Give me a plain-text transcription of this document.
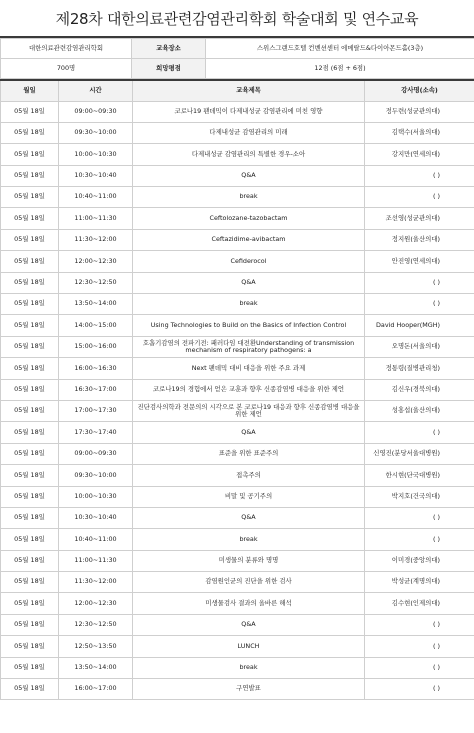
제28차 대한의료관련감염관리학회 학술대회 및 연수교육
대한의료관련감염관리학회	교육장소	스위스그랜드호텔 컨벤션센터 에메랄드&다이아몬드홀(3층)
700명	희망평점	12점 (6점 + 6점)
월일	시간	교육제목	강사명(소속)
05월 18일	09:00~09:30	코로나19 팬데믹이 다제내성균 감염관리에 미친 영향	정두련(성균관의대)
05월 18일	09:30~10:00	다제내성균 감염관리의 미래	김택수(서울의대)
05월 18일	10:00~10:30	다제내성균 감염관리의 특별한 경우-소아	강지만(연세의대)
05월 18일	10:30~10:40	Q&A	( )
05월 18일	10:40~11:00	break	( )
05월 18일	11:00~11:30	Ceftolozane-tazobactam	조선영(성균관의대)
05월 18일	11:30~12:00	Ceftazidime-avibactam	정지원(울산의대)
05월 18일	12:00~12:30	Cefiderocol	안진영(연세의대)
05월 18일	12:30~12:50	Q&A	( )
05월 18일	13:50~14:00	break	( )
05월 18일	14:00~15:00	Using Technologies to Build on the Basics of Infection Control	David Hooper(MGH)
05월 18일	15:00~16:00	호흡기감염의 전파기전: 패러다임 대전환Understanding of transmission mechanism of respiratory pathogens: a	오명돈(서울의대)
05월 18일	16:00~16:30	Next 팬데믹 대비 대응을 위한 주요 과제	정통령(질병관리청)
05월 18일	16:30~17:00	코로나19의 경험에서 얻은 교훈과 향후 신종감염병 대응을 위한 제언	김신우(경북의대)
05월 18일	17:00~17:30	진단검사의학과 전문의의 시각으로 본 코로나19 대응과 향후 신종감염병 대응을 위한 제언	성홍섭(울산의대)
05월 18일	17:30~17:40	Q&A	( )
05월 18일	09:00~09:30	표준을 위한 표준주의	신영진(분당서울대병원)
05월 18일	09:30~10:00	접촉주의	한시현(단국대병원)
05월 18일	10:00~10:30	비말 및 공기주의	박지호(건국의대)
05월 18일	10:30~10:40	Q&A	( )
05월 18일	10:40~11:00	break	( )
05월 18일	11:00~11:30	미생물의 분류와 명명	이미경(중앙의대)
05월 18일	11:30~12:00	감염원인균의 진단을 위한 검사	박성균(계명의대)
05월 18일	12:00~12:30	미생물검사 결과의 올바른 해석	김수현(인제의대)
05월 18일	12:30~12:50	Q&A	( )
05월 18일	12:50~13:50	LUNCH	( )
05월 18일	13:50~14:00	break	( )
05월 18일	16:00~17:00	구연발표	( )
